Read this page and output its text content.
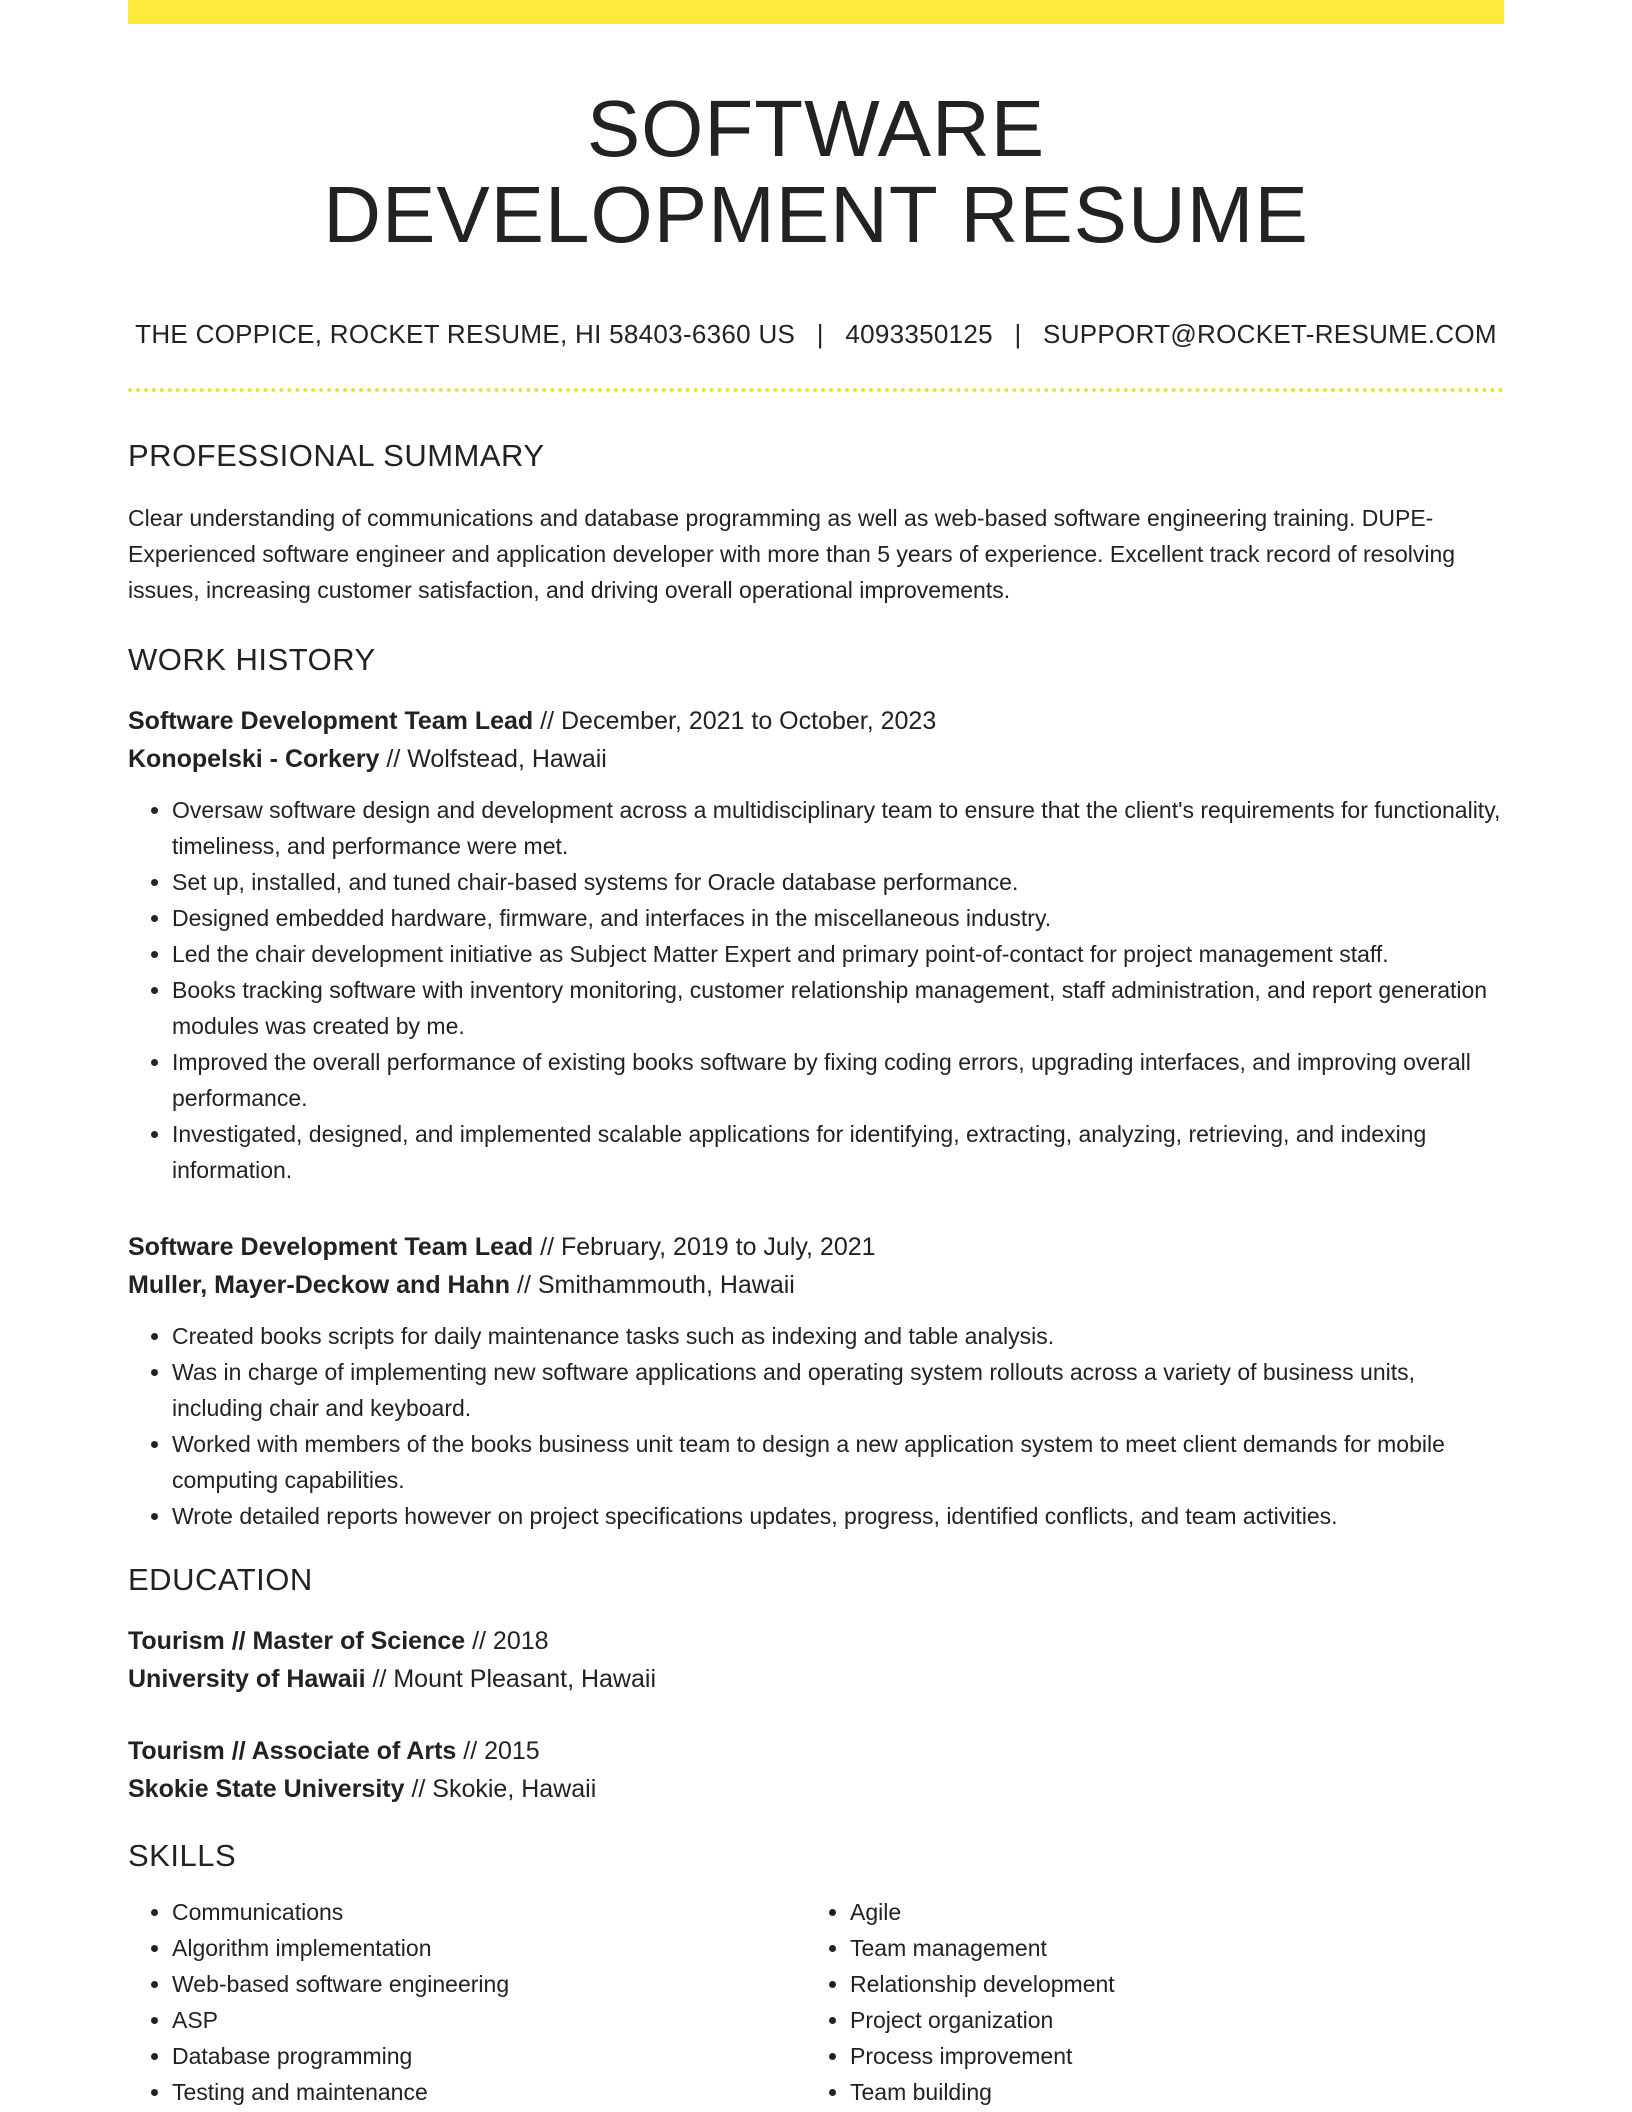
SOFTWARE
DEVELOPMENT RESUME
THE COPPICE, ROCKET RESUME, HI 58403-6360 US | 4093350125 | SUPPORT@ROCKET-RESUME.COM
PROFESSIONAL SUMMARY
Clear understanding of communications and database programming as well as web-based software engineering training. DUPE- Experienced software engineer and application developer with more than 5 years of experience. Excellent track record of resolving issues, increasing customer satisfaction, and driving overall operational improvements.
WORK HISTORY
Software Development Team Lead // December, 2021 to October, 2023
Konopelski - Corkery // Wolfstead, Hawaii
• Oversaw software design and development across a multidisciplinary team to ensure that the client's requirements for functionality, timeliness, and performance were met.
• Set up, installed, and tuned chair-based systems for Oracle database performance.
• Designed embedded hardware, firmware, and interfaces in the miscellaneous industry.
• Led the chair development initiative as Subject Matter Expert and primary point-of-contact for project management staff.
• Books tracking software with inventory monitoring, customer relationship management, staff administration, and report generation modules was created by me.
• Improved the overall performance of existing books software by fixing coding errors, upgrading interfaces, and improving overall performance.
• Investigated, designed, and implemented scalable applications for identifying, extracting, analyzing, retrieving, and indexing information.
Software Development Team Lead // February, 2019 to July, 2021
Muller, Mayer-Deckow and Hahn // Smithammouth, Hawaii
• Created books scripts for daily maintenance tasks such as indexing and table analysis.
• Was in charge of implementing new software applications and operating system rollouts across a variety of business units, including chair and keyboard.
• Worked with members of the books business unit team to design a new application system to meet client demands for mobile computing capabilities.
• Wrote detailed reports however on project specifications updates, progress, identified conflicts, and team activities.
EDUCATION
Tourism // Master of Science // 2018
University of Hawaii // Mount Pleasant, Hawaii
Tourism // Associate of Arts // 2015
Skokie State University // Skokie, Hawaii
SKILLS
• Communications
• Algorithm implementation
• Web-based software engineering
• ASP
• Database programming
• Testing and maintenance
• Agile
• Team management
• Relationship development
• Project organization
• Process improvement
• Team building
